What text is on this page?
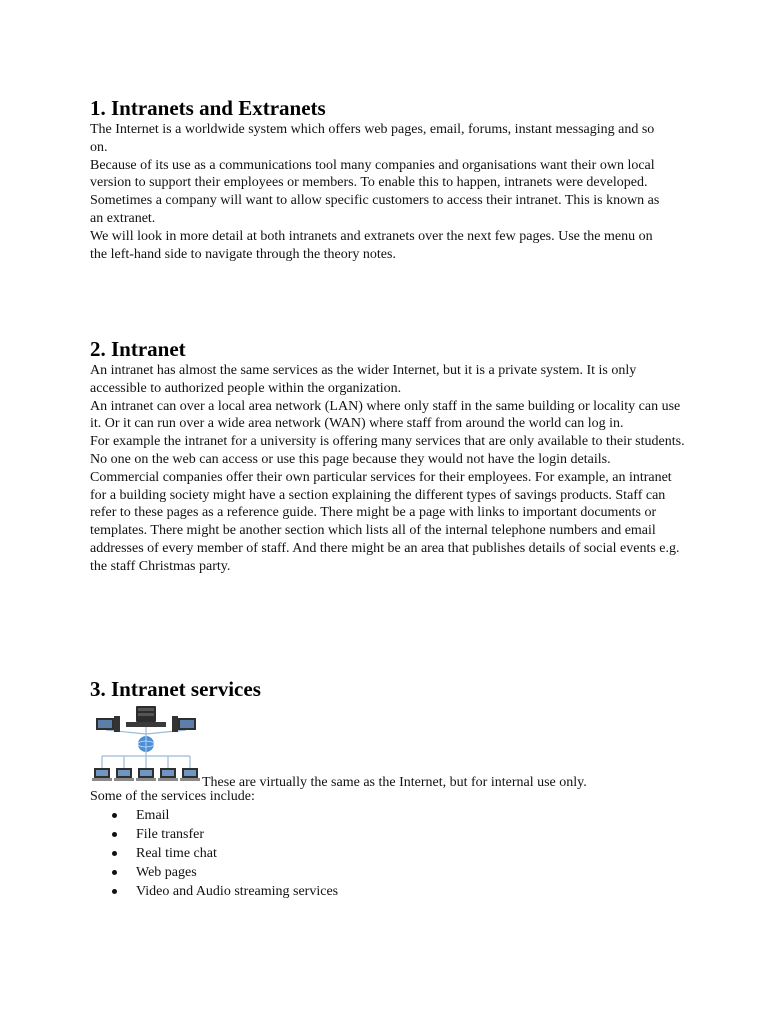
1. Intranets and Extranets

The Internet is a worldwide system which offers web pages, email, forums, instant messaging and so on.

Because of its use as a communications tool many companies and organisations want their own local version to support their employees or members. To enable this to happen, intranets were developed.

Sometimes a company will want to allow specific customers to access their intranet. This is known as an extranet.

We will look in more detail at both intranets and extranets over the next few pages. Use the menu on the left-hand side to navigate through the theory notes.

2. Intranet

An intranet has almost the same services as the wider Internet, but it is a private system. It is only accessible to authorized people within the organization.

An intranet can over a local area network (LAN) where only staff in the same building or locality can use it. Or it can run over a wide area network (WAN) where staff from around the world can log in.

For example the intranet for a university is offering many services that are only available to their students. No one on the web can access or use this page because they would not have the login details.

Commercial companies offer their own particular services for their employees. For example, an intranet for a building society might have a section explaining the different types of savings products. Staff can refer to these pages as a reference guide. There might be a page with links to important documents or templates. There might be another section which lists all of the internal telephone numbers and email addresses of every member of staff. And there might be an area that publishes details of social events e.g. the staff Christmas party.

3. Intranet services
These are virtually the same as the Internet, but for internal use only.

Some of the services include:

Email
File transfer
Real time chat
Web pages
Video and Audio streaming services
